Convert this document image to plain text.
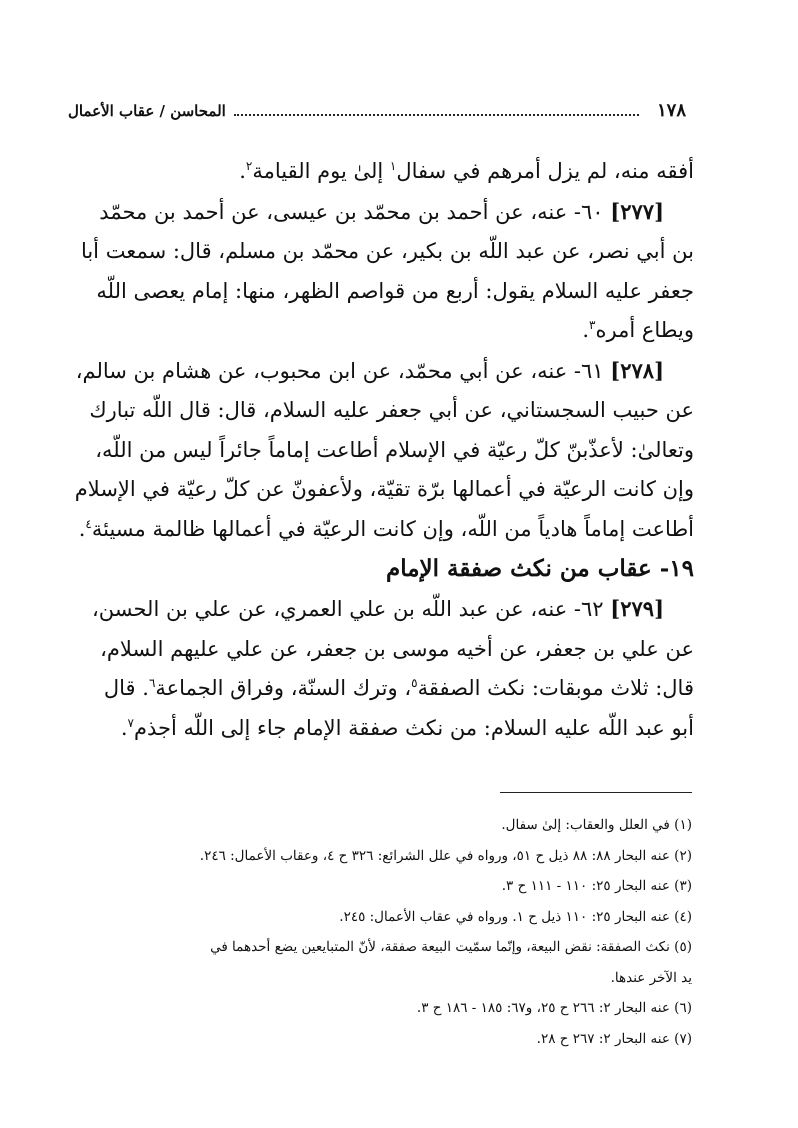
١٧٨
المحاسن / عقاب الأعمال

أفقه منه، لم يزل أمرهم في سفال$^١$ إلىٰ يوم القيامة$^٢$.

[٢٧٧] ٦٠- عنه، عن أحمد بن محمّد بن عيسى، عن أحمد بن محمّد
بن أبي نصر، عن عبد اللّه بن بكير، عن محمّد بن مسلم، قال: سمعت أبا
جعفر عليه السلام يقول: أربع من قواصم الظهر، منها: إمام يعصى اللّه
ويطاع أمره$^٣$.

[٢٧٨] ٦١- عنه، عن أبي محمّد، عن ابن محبوب، عن هشام بن سالم،
عن حبيب السجستاني، عن أبي جعفر عليه السلام، قال: قال اللّه تبارك
وتعالىٰ: لأعذّبنّ كلّ رعيّة في الإسلام أطاعت إماماً جائراً ليس من اللّه،
وإن كانت الرعيّة في أعمالها برّة تقيّة، ولأعفونّ عن كلّ رعيّة في الإسلام
أطاعت إماماً هادياً من اللّه، وإن كانت الرعيّة في أعمالها ظالمة مسيئة$^٤$.

١٩- عقاب من نكث صفقة الإمام

[٢٧٩] ٦٢- عنه، عن عبد اللّه بن علي العمري، عن علي بن الحسن،
عن علي بن جعفر، عن أخيه موسى بن جعفر، عن علي عليهم السلام،
قال: ثلاث موبقات: نكث الصفقة$^٥$، وترك السنّة، وفراق الجماعة$^٦$. قال
أبو عبد اللّه عليه السلام: من نكث صفقة الإمام جاء إلى اللّه أجذم$^٧$.

(١) في العلل والعقاب: إلىٰ سفال.
(٢) عنه البحار ٨٨: ٨٨ ذيل ح ٥١، ورواه في علل الشرائع: ٣٢٦ ح ٤، وعقاب الأعمال: ٢٤٦.
(٣) عنه البحار ٢٥: ١١٠ - ١١١ ح ٣.
(٤) عنه البحار ٢٥: ١١٠ ذيل ح ١. ورواه في عقاب الأعمال: ٢٤٥.
(٥) نكث الصفقة: نقض البيعة، وإنّما سمّيت البيعة صفقة، لأنّ المتبايعين يضع أحدهما في
يد الآخر عندها.
(٦) عنه البحار ٢: ٢٦٦ ح ٢٥، و٦٧: ١٨٥ - ١٨٦ ح ٣.
(٧) عنه البحار ٢: ٢٦٧ ح ٢٨.
